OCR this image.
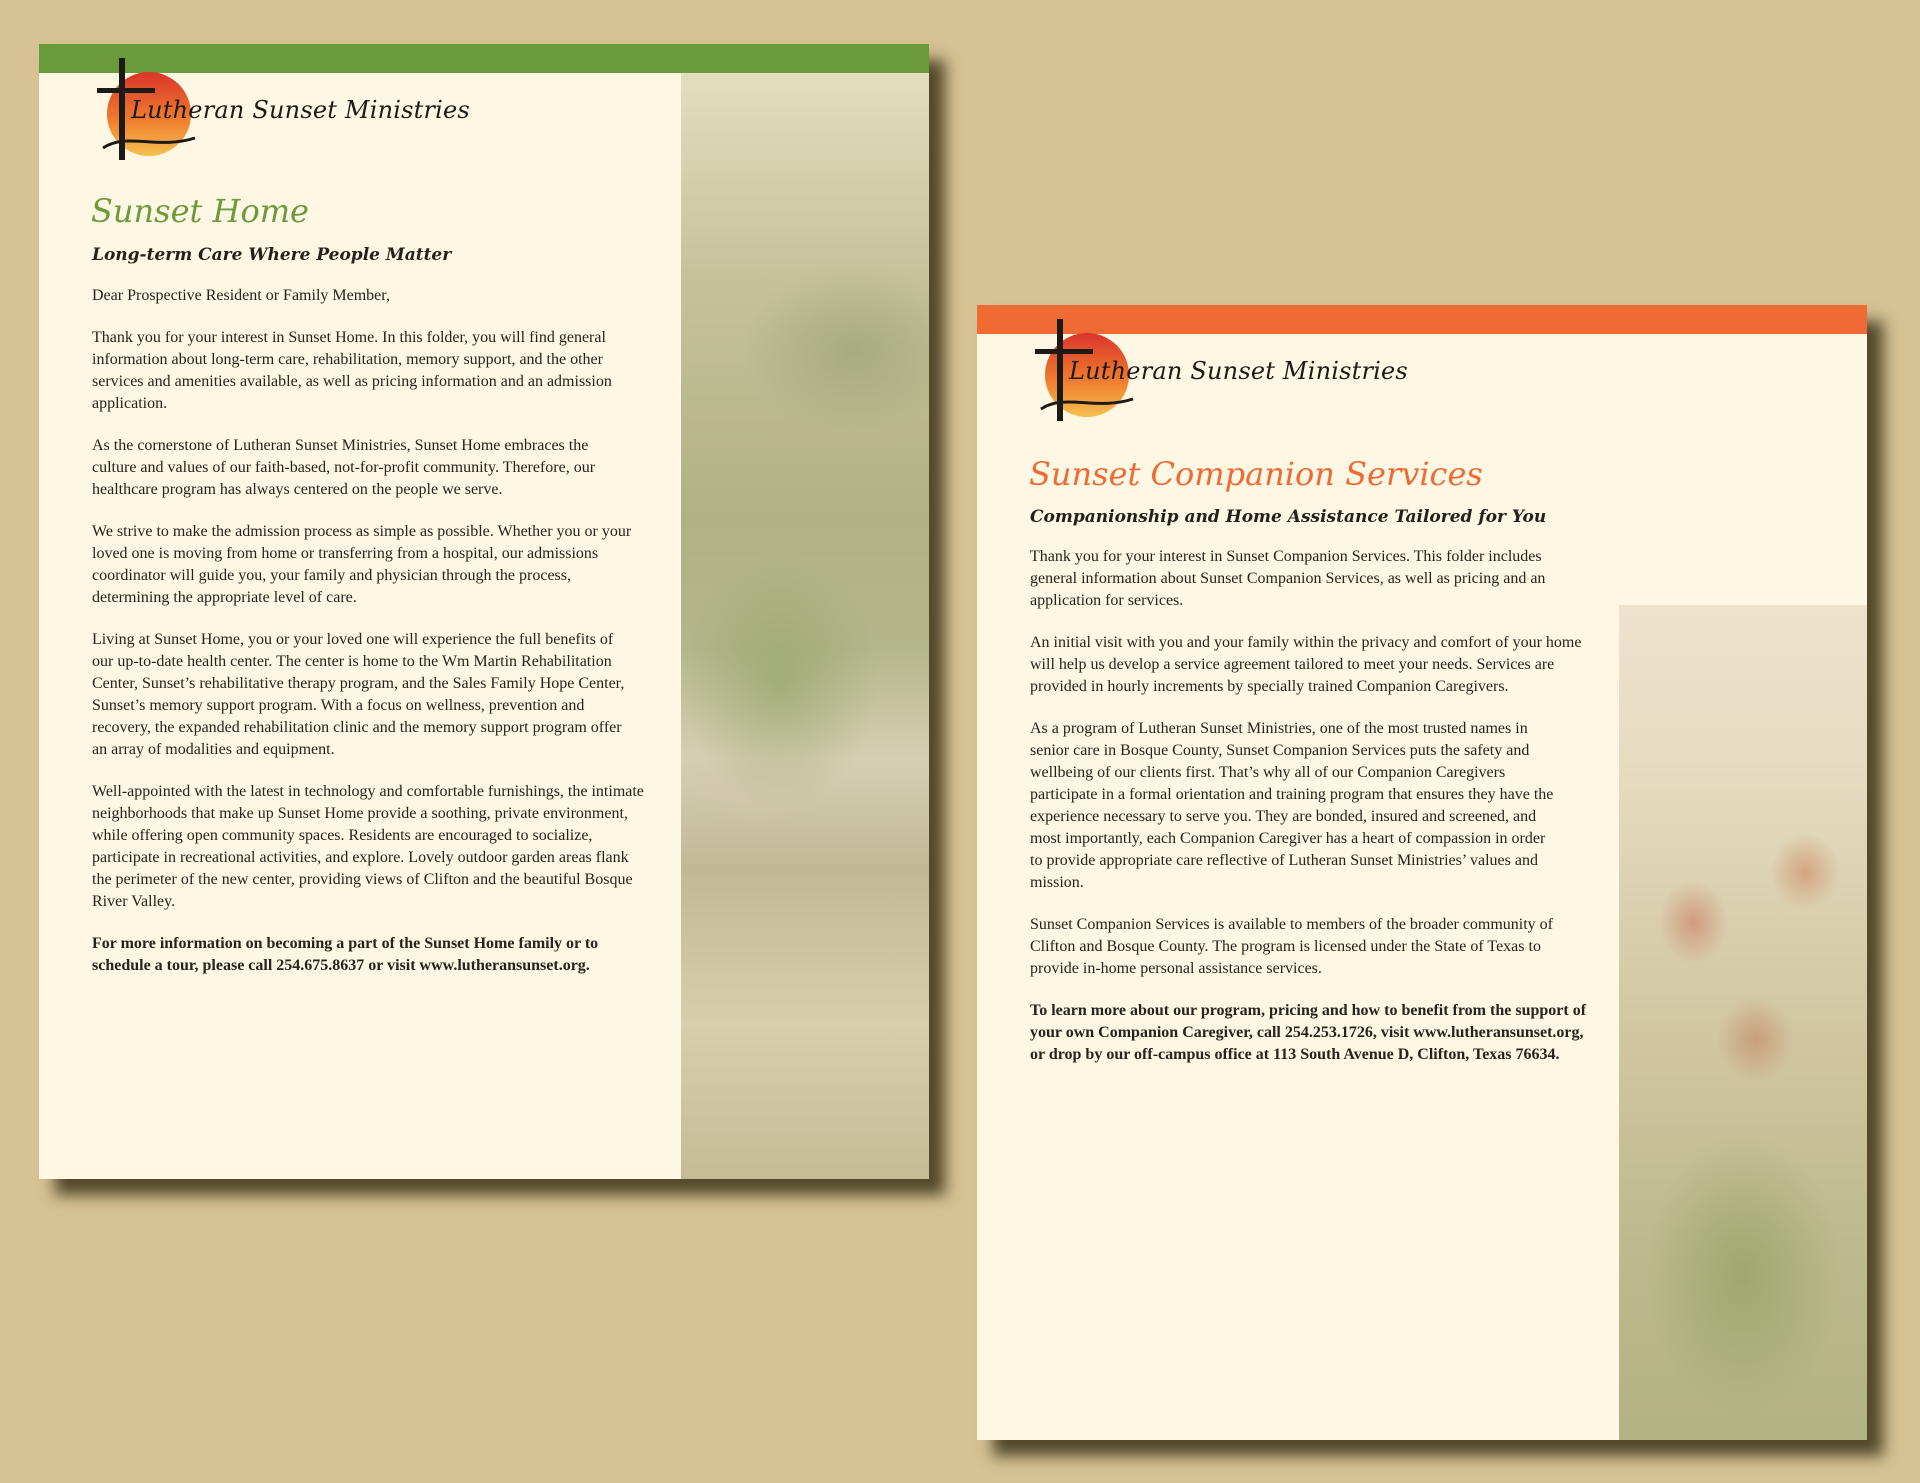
Lutheran Sunset Ministries
Sunset Home
Long-term Care Where People Matter

Dear Prospective Resident or Family Member,

Thank you for your interest in Sunset Home. In this folder, you will find general information about long-term care, rehabilitation, memory support, and the other services and amenities available, as well as pricing information and an admission application.

As the cornerstone of Lutheran Sunset Ministries, Sunset Home embraces the culture and values of our faith-based, not-for-profit community. Therefore, our healthcare program has always centered on the people we serve.

We strive to make the admission process as simple as possible. Whether you or your loved one is moving from home or transferring from a hospital, our admissions coordinator will guide you, your family and physician through the process, determining the appropriate level of care.

Living at Sunset Home, you or your loved one will experience the full benefits of our up-to-date health center. The center is home to the Wm Martin Rehabilitation Center, Sunset’s rehabilitative therapy program, and the Sales Family Hope Center, Sunset’s memory support program. With a focus on wellness, prevention and recovery, the expanded rehabilitation clinic and the memory support program offer an array of modalities and equipment.

Well-appointed with the latest in technology and comfortable furnishings, the intimate neighborhoods that make up Sunset Home provide a soothing, private environment, while offering open community spaces. Residents are encouraged to socialize, participate in recreational activities, and explore. Lovely outdoor garden areas flank the perimeter of the new center, providing views of Clifton and the beautiful Bosque River Valley.

For more information on becoming a part of the Sunset Home family or to schedule a tour, please call 254.675.8637 or visit www.lutheransunset.org.

Lutheran Sunset Ministries
Sunset Companion Services
Companionship and Home Assistance Tailored for You

Thank you for your interest in Sunset Companion Services. This folder includes general information about Sunset Companion Services, as well as pricing and an application for services.

An initial visit with you and your family within the privacy and comfort of your home will help us develop a service agreement tailored to meet your needs. Services are provided in hourly increments by specially trained Companion Caregivers.

As a program of Lutheran Sunset Ministries, one of the most trusted names in senior care in Bosque County, Sunset Companion Services puts the safety and wellbeing of our clients first. That’s why all of our Companion Caregivers participate in a formal orientation and training program that ensures they have the experience necessary to serve you. They are bonded, insured and screened, and most importantly, each Companion Caregiver has a heart of compassion in order to provide appropriate care reflective of Lutheran Sunset Ministries’ values and mission.

Sunset Companion Services is available to members of the broader community of Clifton and Bosque County. The program is licensed under the State of Texas to provide in-home personal assistance services.

To learn more about our program, pricing and how to benefit from the support of your own Companion Caregiver, call 254.253.1726, visit www.lutheransunset.org, or drop by our off-campus office at 113 South Avenue D, Clifton, Texas 76634.
